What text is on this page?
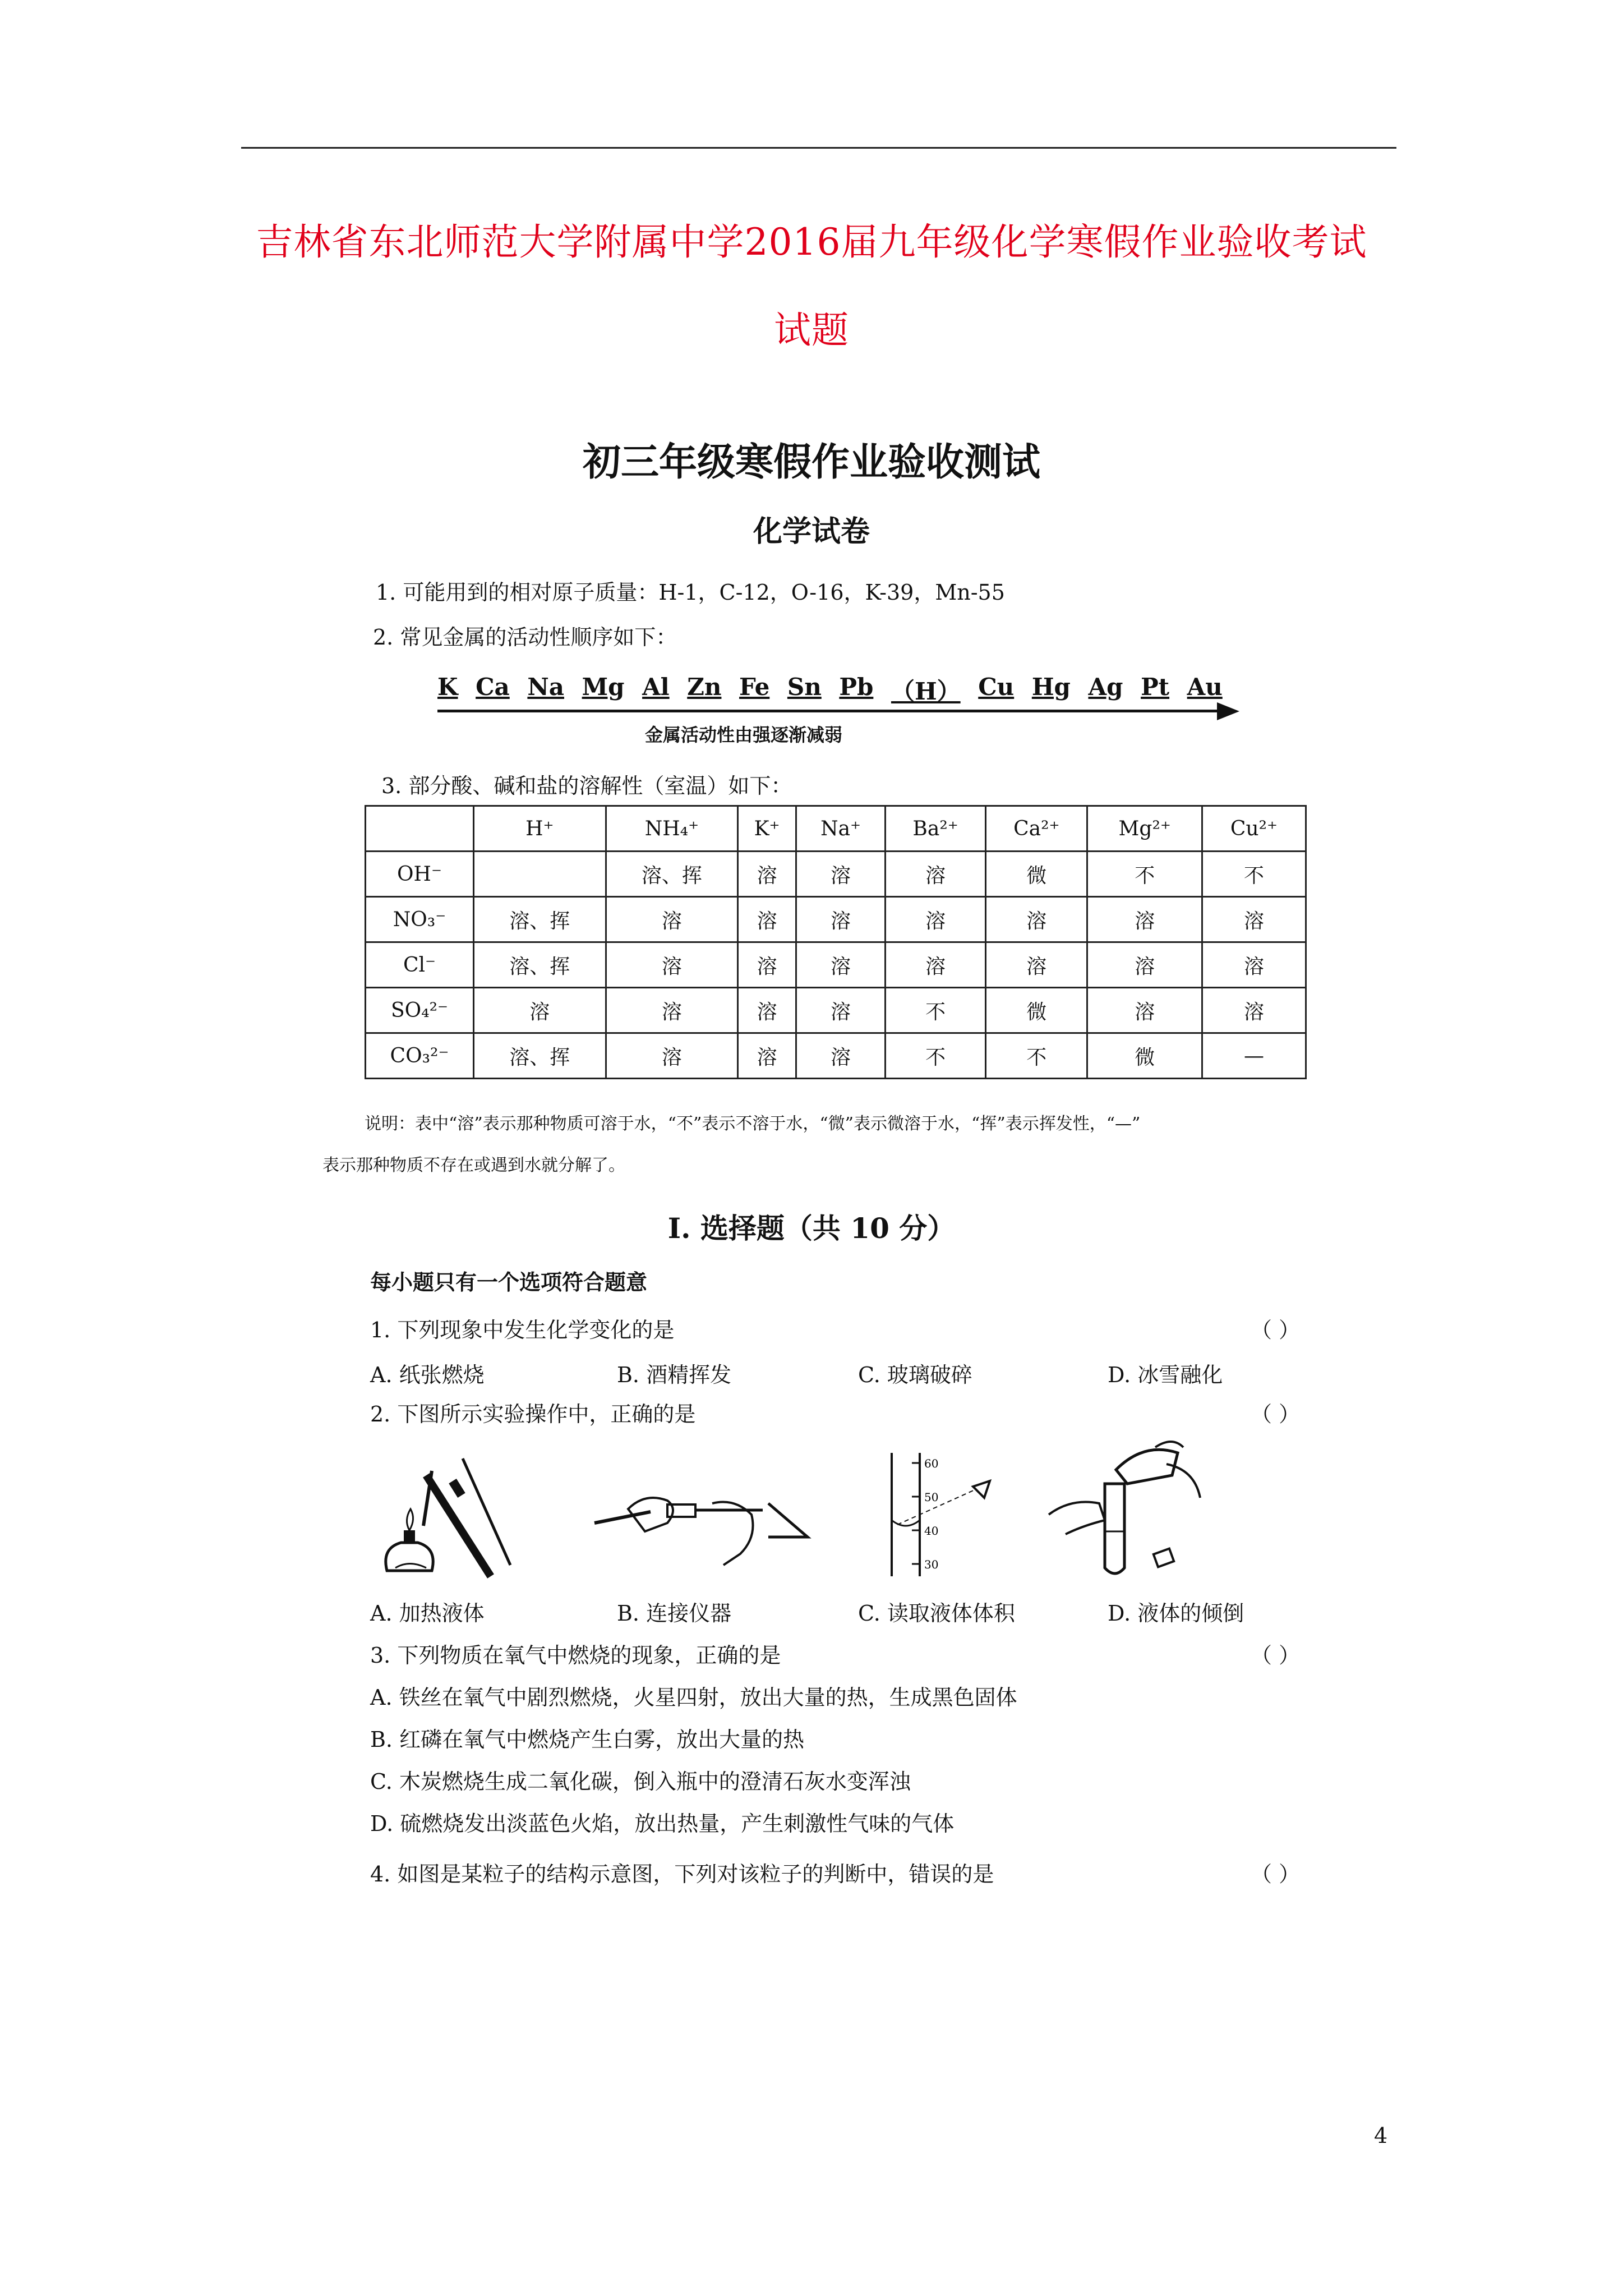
吉林省东北师范大学附属中学2016届九年级化学寒假作业验收考试
试题
初三年级寒假作业验收测试
化学试卷
1. 可能用到的相对原子质量：H-1，C-12，O-16，K-39，Mn-55
2. 常见金属的活动性顺序如下：
K Ca Na Mg Al Zn Fe Sn Pb （H） Cu Hg Ag Pt Au
金属活动性由强逐渐减弱
3. 部分酸、碱和盐的溶解性（室温）如下：
	H⁺	NH₄⁺	K⁺	Na⁺	Ba²⁺	Ca²⁺	Mg²⁺	Cu²⁺
OH⁻		溶、挥	溶	溶	溶	微	不	不
NO₃⁻	溶、挥	溶	溶	溶	溶	溶	溶	溶
Cl⁻	溶、挥	溶	溶	溶	溶	溶	溶	溶
SO₄²⁻	溶	溶	溶	溶	不	微	溶	溶
CO₃²⁻	溶、挥	溶	溶	溶	不	不	微	—
说明：表中“溶”表示那种物质可溶于水，“不”表示不溶于水，“微”表示微溶于水，“挥”表示挥发性，“—”
表示那种物质不存在或遇到水就分解了。
I. 选择题（共 10 分）
每小题只有一个选项符合题意
1. 下列现象中发生化学变化的是	（ ）
A. 纸张燃烧	B. 酒精挥发	C. 玻璃破碎	D. 冰雪融化
2. 下图所示实验操作中，正确的是	（ ）
60
50
40
30
A. 加热液体	B. 连接仪器	C. 读取液体体积	D. 液体的倾倒
3. 下列物质在氧气中燃烧的现象，正确的是	（ ）
A. 铁丝在氧气中剧烈燃烧，火星四射，放出大量的热，生成黑色固体
B. 红磷在氧气中燃烧产生白雾，放出大量的热
C. 木炭燃烧生成二氧化碳，倒入瓶中的澄清石灰水变浑浊
D. 硫燃烧发出淡蓝色火焰，放出热量，产生刺激性气味的气体
4. 如图是某粒子的结构示意图，下列对该粒子的判断中，错误的是	（ ）
4
